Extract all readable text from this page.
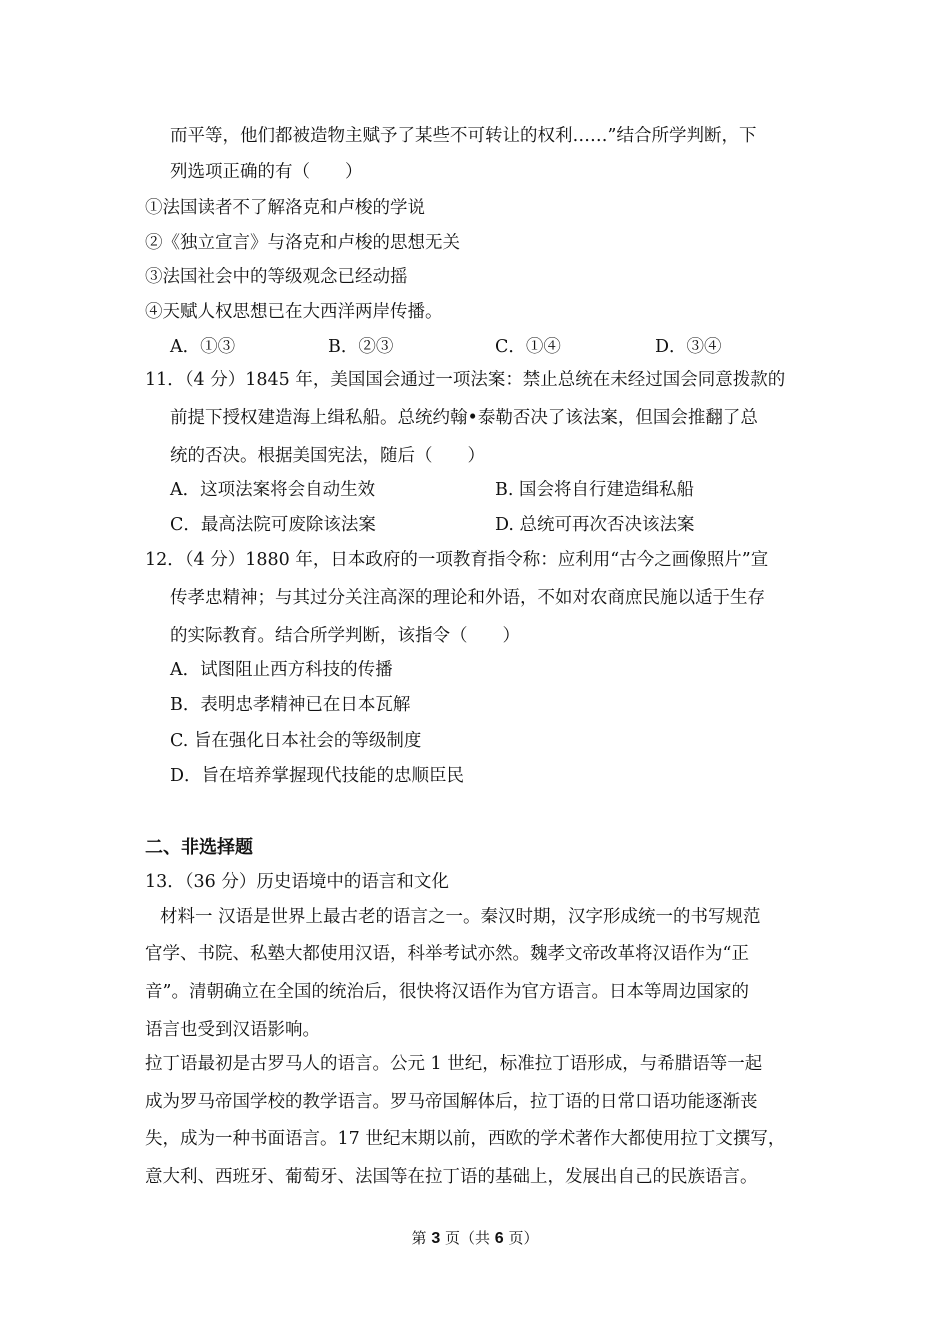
而平等，他们都被造物主赋予了某些不可转让的权利……”结合所学判断，下
列选项正确的有（　　）
①法国读者不了解洛克和卢梭的学说
②《独立宣言》与洛克和卢梭的思想无关
③法国社会中的等级观念已经动摇
④天赋人权思想已在大西洋两岸传播。
A．①③	B．②③	C．①④	D．③④
11．（4 分）1845 年，美国国会通过一项法案：禁止总统在未经过国会同意拨款的
前提下授权建造海上缉私船。总统约翰•泰勒否决了该法案，但国会推翻了总
统的否决。根据美国宪法，随后（　　）
A．这项法案将会自动生效	B. 国会将自行建造缉私船
C．最高法院可废除该法案	D. 总统可再次否决该法案
12．（4 分）1880 年，日本政府的一项教育指令称：应利用“古今之画像照片”宣
传孝忠精神；与其过分关注高深的理论和外语，不如对农商庶民施以适于生存
的实际教育。结合所学判断，该指令（　　）
A．试图阻止西方科技的传播
B．表明忠孝精神已在日本瓦解
C. 旨在强化日本社会的等级制度
D．旨在培养掌握现代技能的忠顺臣民
二、非选择题
13．（36 分）历史语境中的语言和文化
材料一 汉语是世界上最古老的语言之一。秦汉时期，汉字形成统一的书写规范
官学、书院、私塾大都使用汉语，科举考试亦然。魏孝文帝改革将汉语作为“正
音”。清朝确立在全国的统治后，很快将汉语作为官方语言。日本等周边国家的
语言也受到汉语影响。
拉丁语最初是古罗马人的语言。公元 1 世纪，标准拉丁语形成，与希腊语等一起
成为罗马帝国学校的教学语言。罗马帝国解体后，拉丁语的日常口语功能逐渐丧
失，成为一种书面语言。17 世纪末期以前，西欧的学术著作大都使用拉丁文撰写，
意大利、西班牙、葡萄牙、法国等在拉丁语的基础上，发展出自己的民族语言。
第 3 页（共 6 页）
